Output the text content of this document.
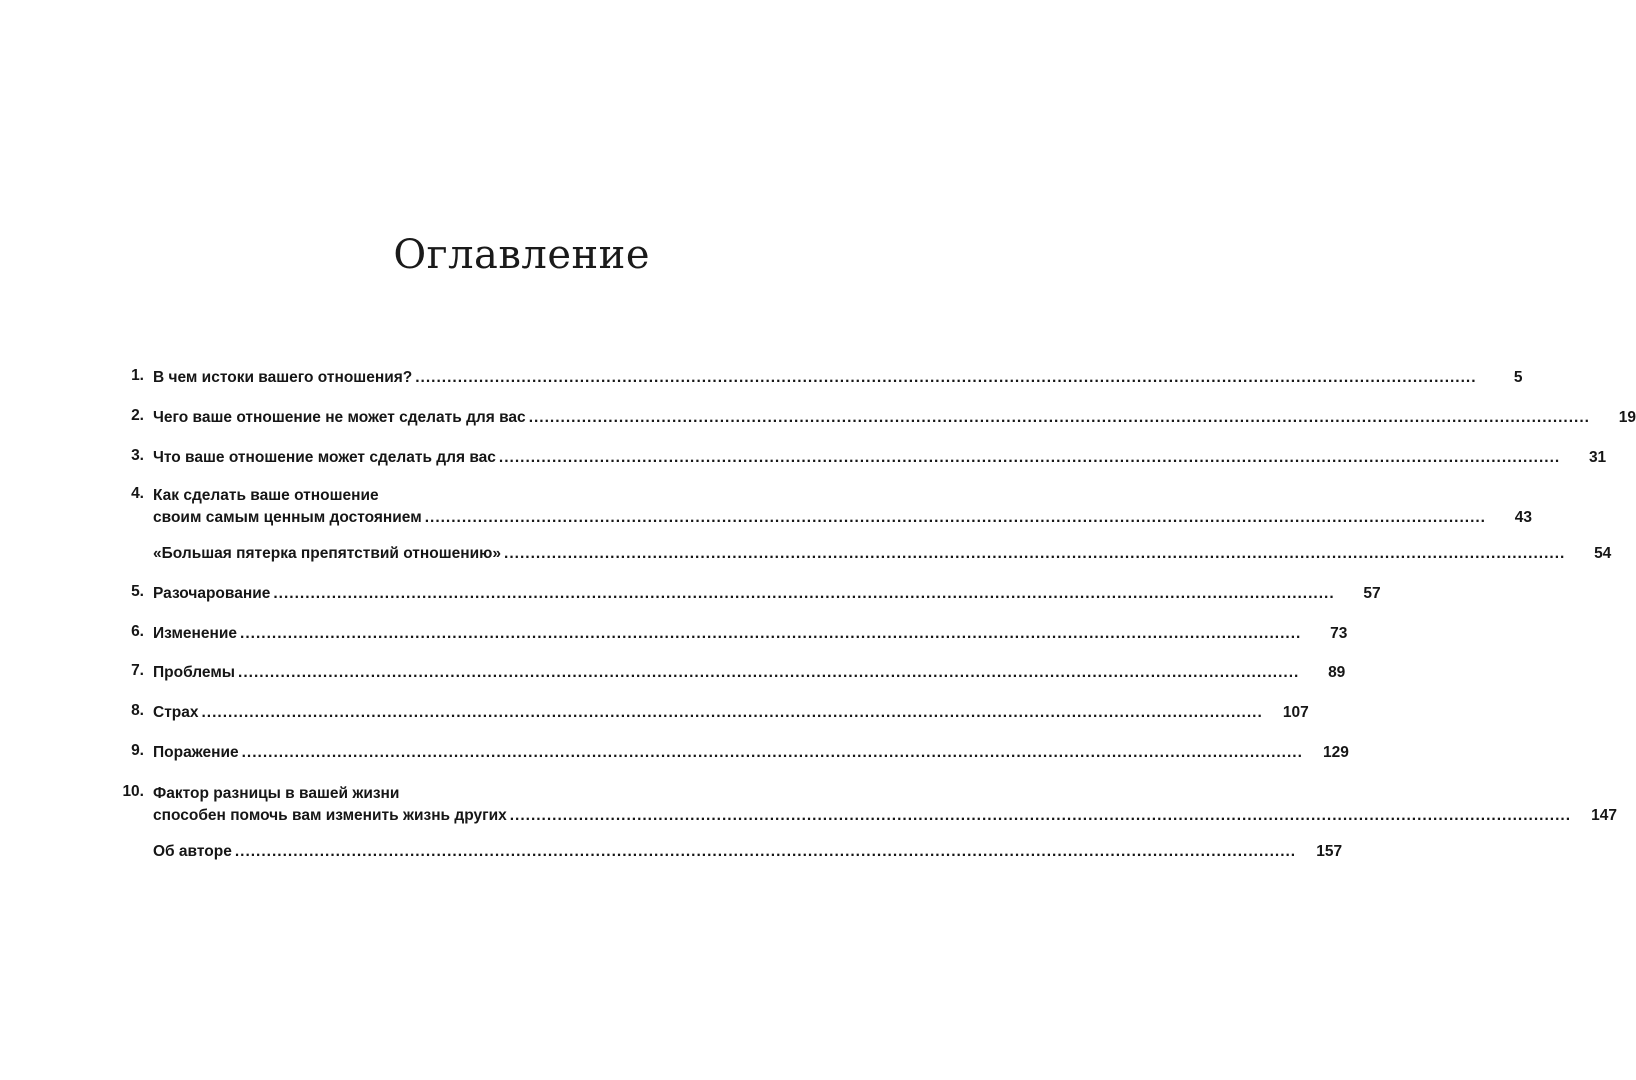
Оглавление
1. В чем истоки вашего отношения? ........................................................................................................................................................................................................	5
2. Чего ваше отношение не может сделать для вас ........................................................................................................................................................................................................	19
3. Что ваше отношение может сделать для вас ........................................................................................................................................................................................................	31
4. Как сделать ваше отношение
своим самым ценным достоянием ........................................................................................................................................................................................................	43
«Большая пятерка препятствий отношению» ........................................................................................................................................................................................................	54
5. Разочарование ........................................................................................................................................................................................................	57
6. Изменение ........................................................................................................................................................................................................	73
7. Проблемы ........................................................................................................................................................................................................	89
8. Страх ........................................................................................................................................................................................................	107
9. Поражение ........................................................................................................................................................................................................	129
10. Фактор разницы в вашей жизни
способен помочь вам изменить жизнь других ........................................................................................................................................................................................................	147
Об авторе ........................................................................................................................................................................................................	157
